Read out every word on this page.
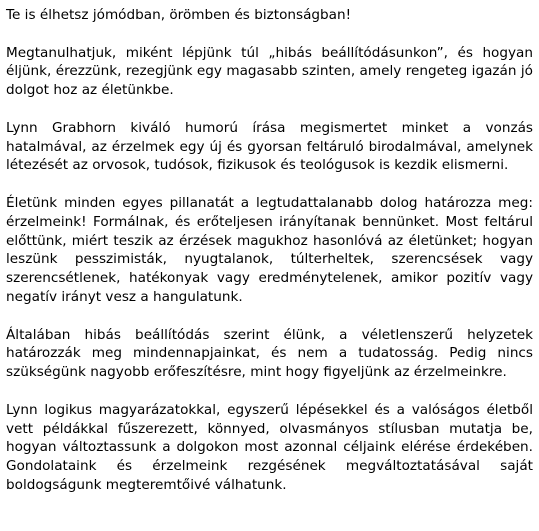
Te is élhetsz jómódban, örömben és biztonságban!

Megtanulhatjuk, miként lépjünk túl „hibás beállítódásunkon”, és hogyan éljünk, érezzünk, rezegjünk egy magasabb szinten, amely rengeteg igazán jó dolgot hoz az életünkbe.

Lynn Grabhorn kiváló humorú írása megismertet minket a vonzás hatalmával, az érzelmek egy új és gyorsan feltáruló birodalmával, amelynek létezését az orvosok, tudósok, fizikusok és teológusok is kezdik elismerni.

Életünk minden egyes pillanatát a legtudattalanabb dolog határozza meg: érzelmeink! Formálnak, és erőteljesen irányítanak bennünket. Most feltárul előttünk, miért teszik az érzések magukhoz hasonlóvá az életünket; hogyan leszünk pesszimisták, nyugtalanok, túlterheltek, szerencsések vagy szerencsétlenek, hatékonyak vagy eredménytelenek, amikor pozitív vagy negatív irányt vesz a hangulatunk.

Általában hibás beállítódás szerint élünk, a véletlenszerű helyzetek határozzák meg mindennapjainkat, és nem a tudatosság. Pedig nincs szükségünk nagyobb erőfeszítésre, mint hogy figyeljünk az érzelmeinkre.

Lynn logikus magyarázatokkal, egyszerű lépésekkel és a valóságos életből vett példákkal fűszerezett, könnyed, olvasmányos stílusban mutatja be, hogyan változtassunk a dolgokon most azonnal céljaink elérése érdekében. Gondolataink és érzelmeink rezgésének megváltoztatásával saját boldogságunk megteremtőivé válhatunk.
